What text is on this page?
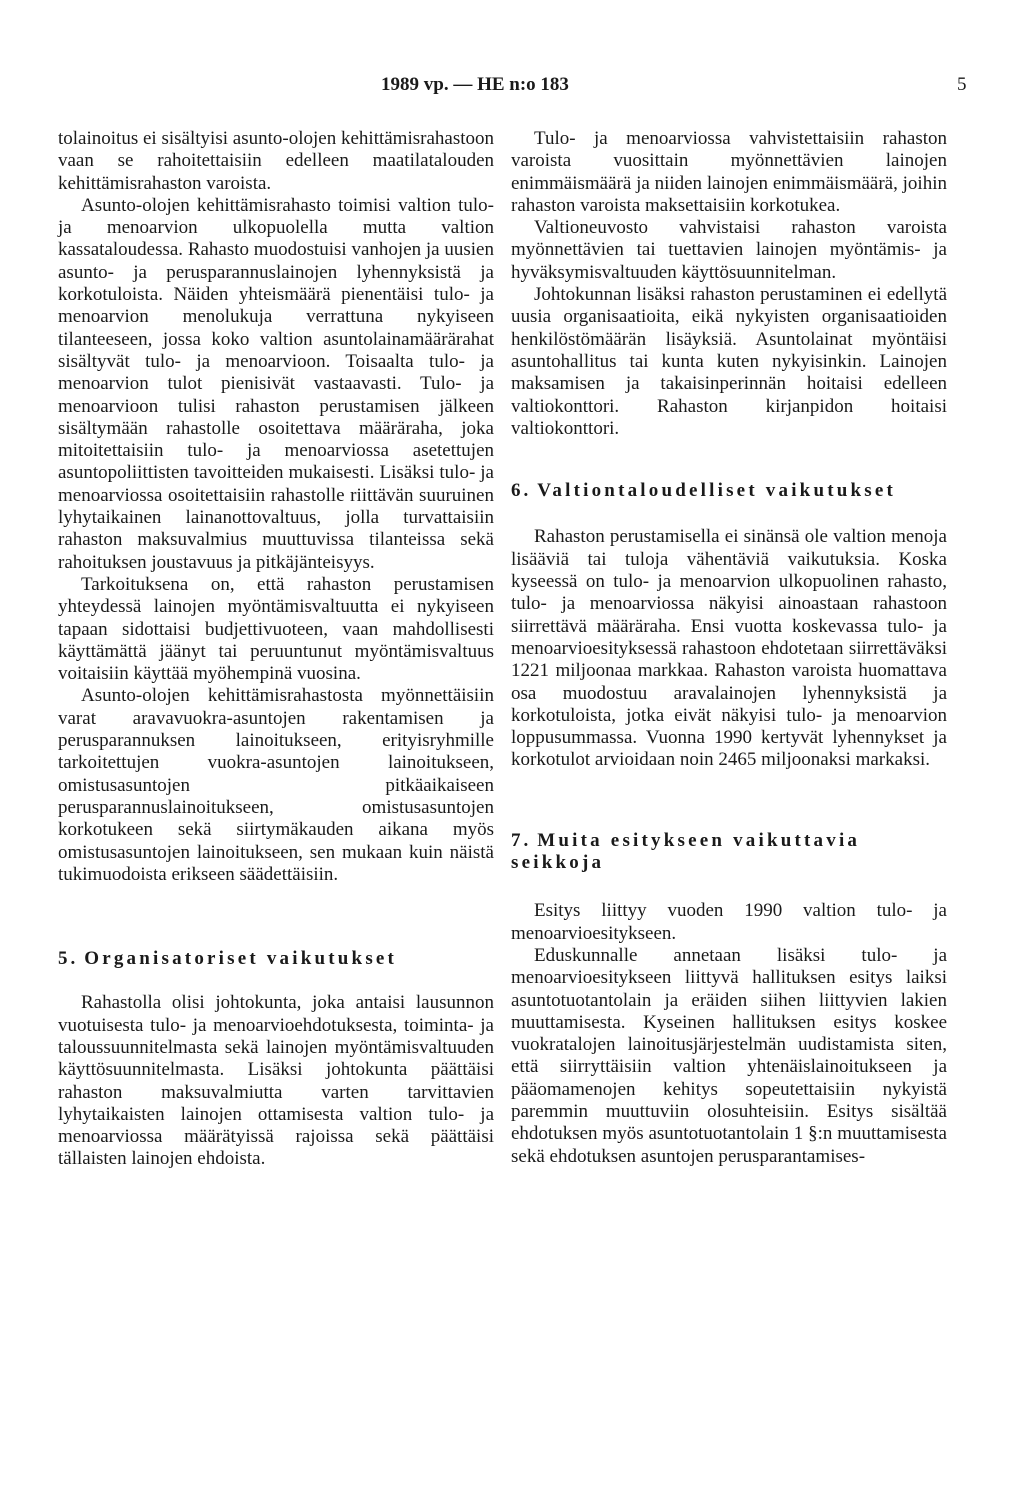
1989 vp. — HE n:o 183	5

tolainoitus ei sisältyisi asunto-olojen kehittämisrahastoon vaan se rahoitettaisiin edelleen maatilatalouden kehittämisrahaston varoista.

Asunto-olojen kehittämisrahasto toimisi valtion tulo- ja menoarvion ulkopuolella mutta valtion kassataloudessa. Rahasto muodostuisi vanhojen ja uusien asunto- ja perusparannuslainojen lyhennyksistä ja korkotuloista. Näiden yhteismäärä pienentäisi tulo- ja menoarvion menolukuja verrattuna nykyiseen tilanteeseen, jossa koko valtion asuntolainamäärärahat sisältyvät tulo- ja menoarvioon. Toisaalta tulo- ja menoarvion tulot pienisivät vastaavasti. Tulo- ja menoarvioon tulisi rahaston perustamisen jälkeen sisältymään rahastolle osoitettava määräraha, joka mitoitettaisiin tulo- ja menoarviossa asetettujen asuntopoliittisten tavoitteiden mukaisesti. Lisäksi tulo- ja menoarviossa osoitettaisiin rahastolle riittävän suuruinen lyhytaikainen lainanottovaltuus, jolla turvattaisiin rahaston maksuvalmius muuttuvissa tilanteissa sekä rahoituksen joustavuus ja pitkäjänteisyys.

Tarkoituksena on, että rahaston perustamisen yhteydessä lainojen myöntämisvaltuutta ei nykyiseen tapaan sidottaisi budjettivuoteen, vaan mahdollisesti käyttämättä jäänyt tai peruuntunut myöntämisvaltuus voitaisiin käyttää myöhempinä vuosina.

Asunto-olojen kehittämisrahastosta myönnettäisiin varat aravavuokra-asuntojen rakentamisen ja perusparannuksen lainoitukseen, erityisryhmille tarkoitettujen vuokra-asuntojen lainoitukseen, omistusasuntojen pitkäaikaiseen perusparannuslainoitukseen, omistusasuntojen korkotukeen sekä siirtymäkauden aikana myös omistusasuntojen lainoitukseen, sen mukaan kuin näistä tukimuodoista erikseen säädettäisiin.

5. Organisatoriset vaikutukset

Rahastolla olisi johtokunta, joka antaisi lausunnon vuotuisesta tulo- ja menoarvioehdotuksesta, toiminta- ja taloussuunnitelmasta sekä lainojen myöntämisvaltuuden käyttösuunnitelmasta. Lisäksi johtokunta päättäisi rahaston maksuvalmiutta varten tarvittavien lyhytaikaisten lainojen ottamisesta valtion tulo- ja menoarviossa määrätyissä rajoissa sekä päättäisi tällaisten lainojen ehdoista.

Tulo- ja menoarviossa vahvistettaisiin rahaston varoista vuosittain myönnettävien lainojen enimmäismäärä ja niiden lainojen enimmäismäärä, joihin rahaston varoista maksettaisiin korkotukea.

Valtioneuvosto vahvistaisi rahaston varoista myönnettävien tai tuettavien lainojen myöntämis- ja hyväksymisvaltuuden käyttösuunnitelman.

Johtokunnan lisäksi rahaston perustaminen ei edellytä uusia organisaatioita, eikä nykyisten organisaatioiden henkilöstömäärän lisäyksiä. Asuntolainat myöntäisi asuntohallitus tai kunta kuten nykyisinkin. Lainojen maksamisen ja takaisinperinnän hoitaisi edelleen valtiokonttori. Rahaston kirjanpidon hoitaisi valtiokonttori.

6. Valtiontaloudelliset vaikutukset

Rahaston perustamisella ei sinänsä ole valtion menoja lisääviä tai tuloja vähentäviä vaikutuksia. Koska kyseessä on tulo- ja menoarvion ulkopuolinen rahasto, tulo- ja menoarviossa näkyisi ainoastaan rahastoon siirrettävä määräraha. Ensi vuotta koskevassa tulo- ja menoarvioesityksessä rahastoon ehdotetaan siirrettäväksi 1221 miljoonaa markkaa. Rahaston varoista huomattava osa muodostuu aravalainojen lyhennyksistä ja korkotuloista, jotka eivät näkyisi tulo- ja menoarvion loppusummassa. Vuonna 1990 kertyvät lyhennykset ja korkotulot arvioidaan noin 2465 miljoonaksi markaksi.

7. Muita esitykseen vaikuttavia seikkoja

Esitys liittyy vuoden 1990 valtion tulo- ja menoarvioesitykseen.

Eduskunnalle annetaan lisäksi tulo- ja menoarvioesitykseen liittyvä hallituksen esitys laiksi asuntotuotantolain ja eräiden siihen liittyvien lakien muuttamisesta. Kyseinen hallituksen esitys koskee vuokratalojen lainoitusjärjestelmän uudistamista siten, että siirryttäisiin valtion yhtenäislainoitukseen ja pääomamenojen kehitys sopeutettaisiin nykyistä paremmin muuttuviin olosuhteisiin. Esitys sisältää ehdotuksen myös asuntotuotantolain 1 §:n muuttamisesta sekä ehdotuksen asuntojen perusparantamises-
